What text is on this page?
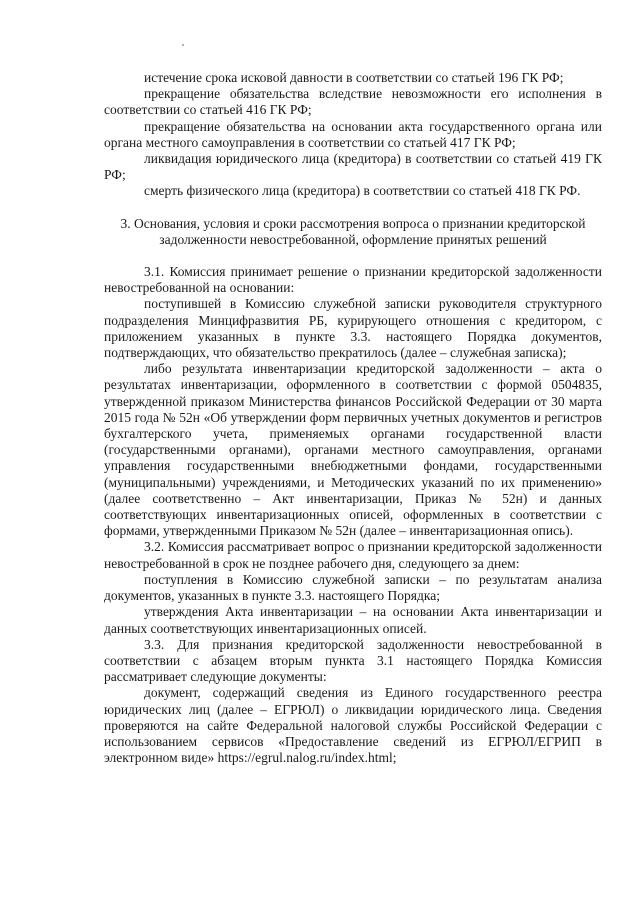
истечение срока исковой давности в соответствии со статьей 196 ГК РФ;

прекращение обязательства вследствие невозможности его исполнения в соответствии со статьей 416 ГК РФ;

прекращение обязательства на основании акта государственного органа или органа местного самоуправления в соответствии со статьей 417 ГК РФ;

ликвидация юридического лица (кредитора) в соответствии со статьей 419 ГК РФ;

смерть физического лица (кредитора) в соответствии со статьей 418 ГК РФ.

3. Основания, условия и сроки рассмотрения вопроса о признании кредиторской задолженности невостребованной, оформление принятых решений

3.1. Комиссия принимает решение о признании кредиторской задолженности невостребованной на основании:

поступившей в Комиссию служебной записки руководителя структурного подразделения Минцифразвития РБ, курирующего отношения с кредитором, с приложением указанных в пункте 3.3. настоящего Порядка документов, подтверждающих, что обязательство прекратилось (далее – служебная записка);

либо результата инвентаризации кредиторской задолженности – акта о результатах инвентаризации, оформленного в соответствии с формой 0504835, утвержденной приказом Министерства финансов Российской Федерации от 30 марта 2015 года № 52н «Об утверждении форм первичных учетных документов и регистров бухгалтерского учета, применяемых органами государственной власти (государственными органами), органами местного самоуправления, органами управления государственными внебюджетными фондами, государственными (муниципальными) учреждениями, и Методических указаний по их применению» (далее соответственно – Акт инвентаризации, Приказ № 52н) и данных соответствующих инвентаризационных описей, оформленных в соответствии с формами, утвержденными Приказом № 52н (далее – инвентаризационная опись).

3.2. Комиссия рассматривает вопрос о признании кредиторской задолженности невостребованной в срок не позднее рабочего дня, следующего за днем:

поступления в Комиссию служебной записки – по результатам анализа документов, указанных в пункте 3.3. настоящего Порядка;

утверждения Акта инвентаризации – на основании Акта инвентаризации и данных соответствующих инвентаризационных описей.

3.3. Для признания кредиторской задолженности невостребованной в соответствии с абзацем вторым пункта 3.1 настоящего Порядка Комиссия рассматривает следующие документы:

документ, содержащий сведения из Единого государственного реестра юридических лиц (далее – ЕГРЮЛ) о ликвидации юридического лица. Сведения проверяются на сайте Федеральной налоговой службы Российской Федерации с использованием сервисов «Предоставление сведений из ЕГРЮЛ/ЕГРИП в электронном виде» https://egrul.nalog.ru/index.html;
